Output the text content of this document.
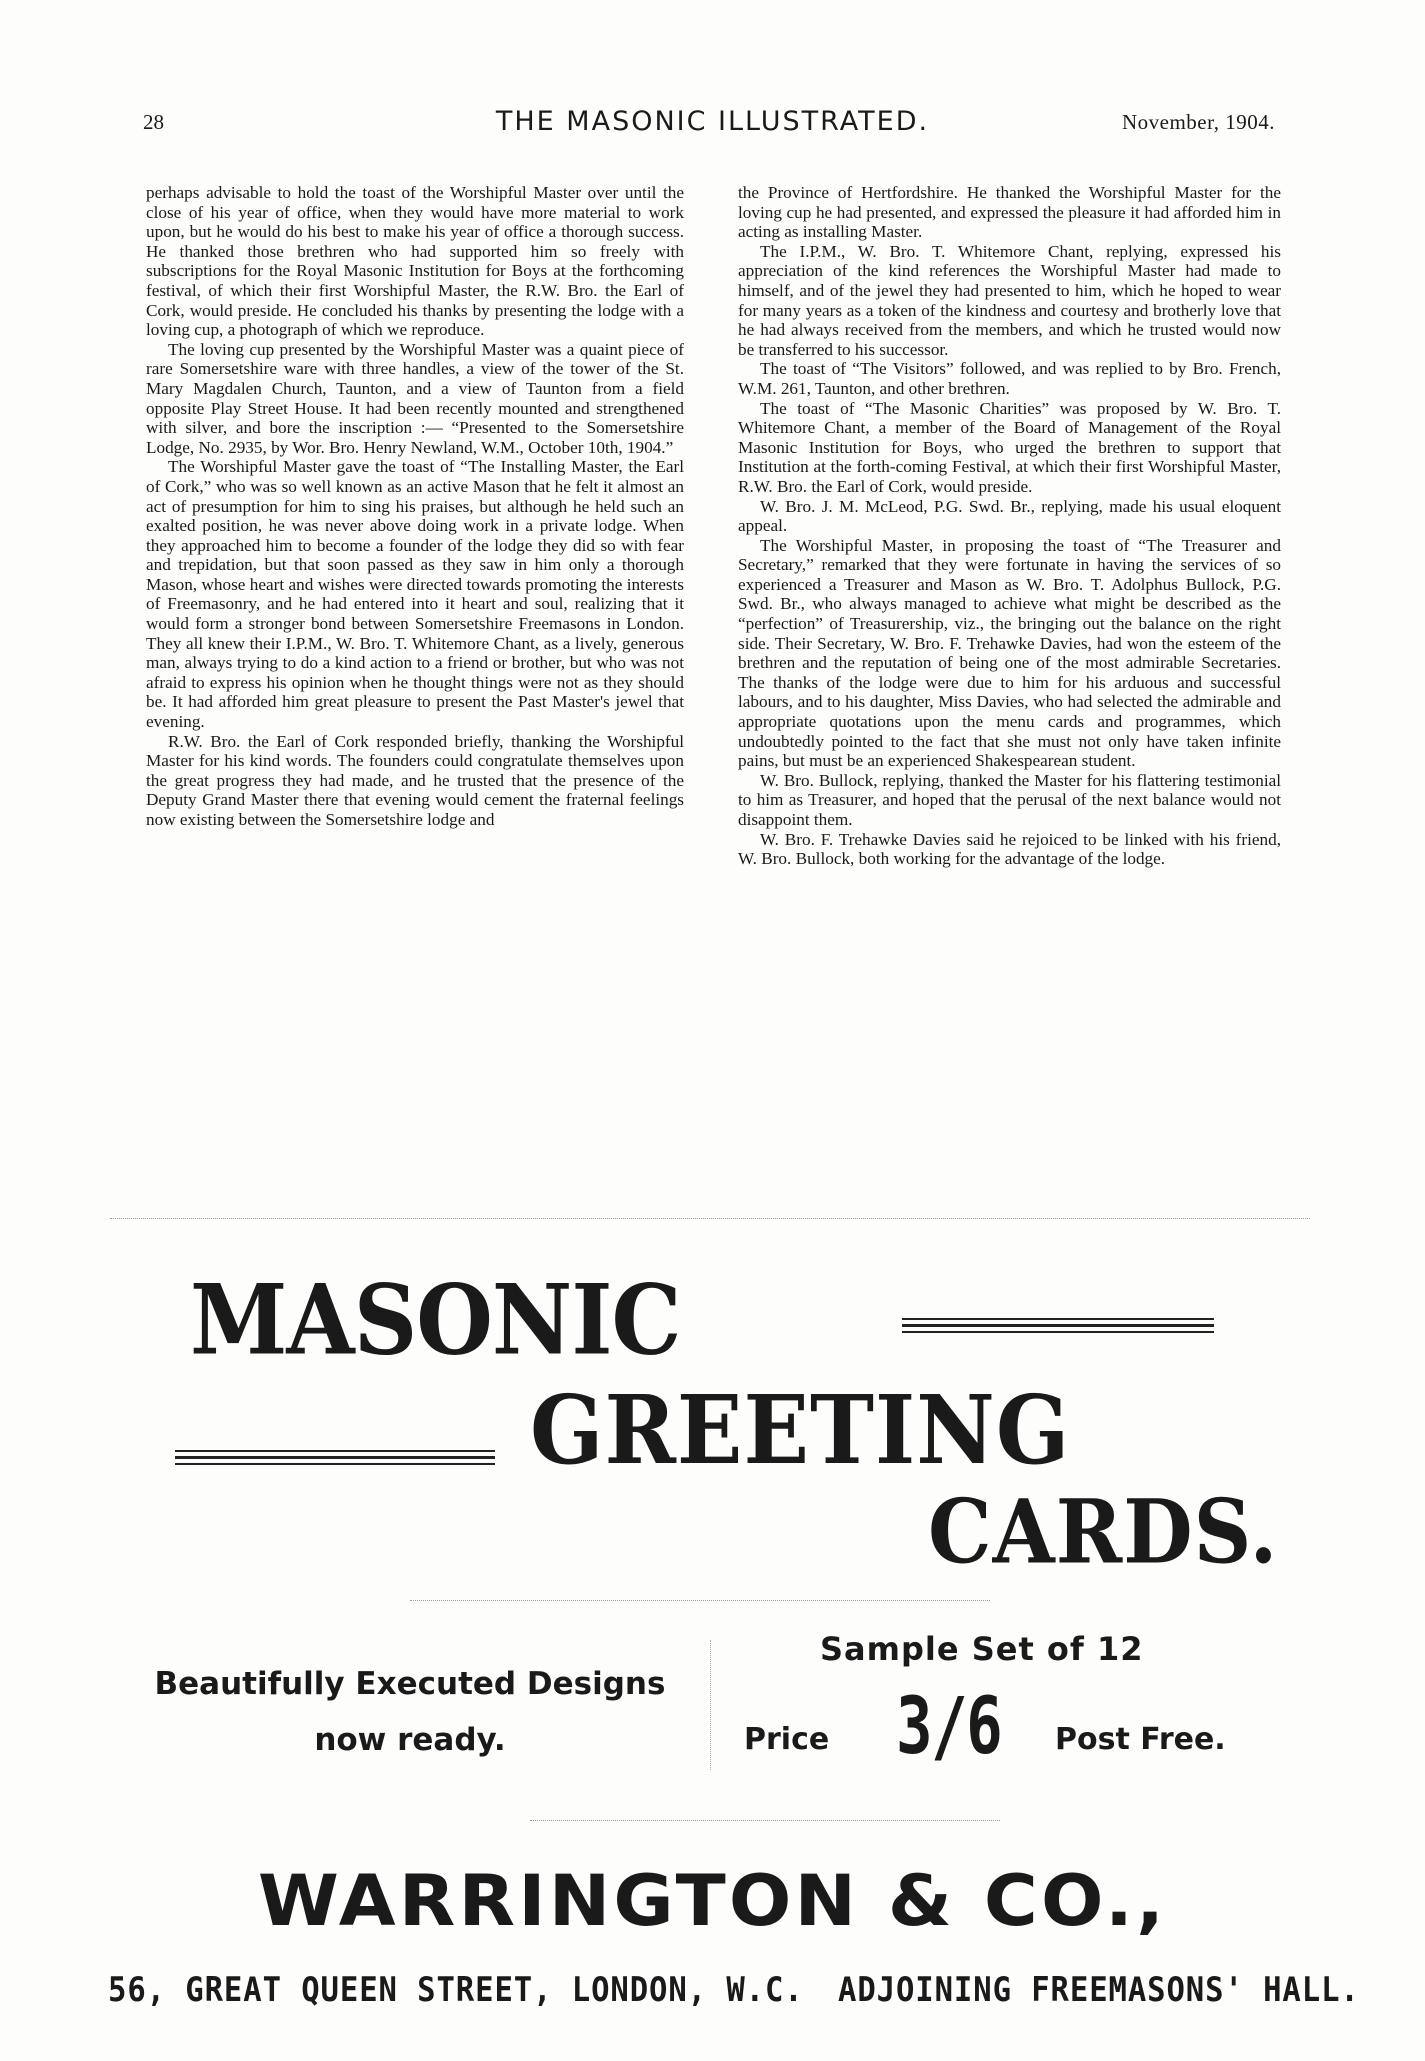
28	THE MASONIC ILLUSTRATED.	November, 1904.

perhaps advisable to hold the toast of the Worshipful Master over until the close of his year of office, when they would have more material to work upon, but he would do his best to make his year of office a thorough success. He thanked those brethren who had supported him so freely with subscriptions for the Royal Masonic Institution for Boys at the forthcoming festival, of which their first Worshipful Master, the R.W. Bro. the Earl of Cork, would preside. He concluded his thanks by presenting the lodge with a loving cup, a photograph of which we reproduce.

The loving cup presented by the Worshipful Master was a quaint piece of rare Somersetshire ware with three handles, a view of the tower of the St. Mary Magdalen Church, Taunton, and a view of Taunton from a field opposite Play Street House. It had been recently mounted and strengthened with silver, and bore the inscription :— “Presented to the Somersetshire Lodge, No. 2935, by Wor. Bro. Henry Newland, W.M., October 10th, 1904.”

The Worshipful Master gave the toast of “The Installing Master, the Earl of Cork,” who was so well known as an active Mason that he felt it almost an act of presumption for him to sing his praises, but although he held such an exalted position, he was never above doing work in a private lodge. When they approached him to become a founder of the lodge they did so with fear and trepidation, but that soon passed as they saw in him only a thorough Mason, whose heart and wishes were directed towards promoting the interests of Freemasonry, and he had entered into it heart and soul, realizing that it would form a stronger bond between Somersetshire Freemasons in London. They all knew their I.P.M., W. Bro. T. Whitemore Chant, as a lively, generous man, always trying to do a kind action to a friend or brother, but who was not afraid to express his opinion when he thought things were not as they should be. It had afforded him great pleasure to present the Past Master's jewel that evening.

R.W. Bro. the Earl of Cork responded briefly, thanking the Worshipful Master for his kind words. The founders could congratulate themselves upon the great progress they had made, and he trusted that the presence of the Deputy Grand Master there that evening would cement the fraternal feelings now existing between the Somersetshire lodge and

the Province of Hertfordshire. He thanked the Worshipful Master for the loving cup he had presented, and expressed the pleasure it had afforded him in acting as installing Master.

The I.P.M., W. Bro. T. Whitemore Chant, replying, expressed his appreciation of the kind references the Worshipful Master had made to himself, and of the jewel they had presented to him, which he hoped to wear for many years as a token of the kindness and courtesy and brotherly love that he had always received from the members, and which he trusted would now be transferred to his successor.

The toast of “The Visitors” followed, and was replied to by Bro. French, W.M. 261, Taunton, and other brethren.

The toast of “The Masonic Charities” was proposed by W. Bro. T. Whitemore Chant, a member of the Board of Management of the Royal Masonic Institution for Boys, who urged the brethren to support that Institution at the forth-coming Festival, at which their first Worshipful Master, R.W. Bro. the Earl of Cork, would preside.

W. Bro. J. M. McLeod, P.G. Swd. Br., replying, made his usual eloquent appeal.

The Worshipful Master, in proposing the toast of “The Treasurer and Secretary,” remarked that they were fortunate in having the services of so experienced a Treasurer and Mason as W. Bro. T. Adolphus Bullock, P.G. Swd. Br., who always managed to achieve what might be described as the “perfection” of Treasurership, viz., the bringing out the balance on the right side. Their Secretary, W. Bro. F. Trehawke Davies, had won the esteem of the brethren and the reputation of being one of the most admirable Secretaries. The thanks of the lodge were due to him for his arduous and successful labours, and to his daughter, Miss Davies, who had selected the admirable and appropriate quotations upon the menu cards and programmes, which undoubtedly pointed to the fact that she must not only have taken infinite pains, but must be an experienced Shakespearean student.

W. Bro. Bullock, replying, thanked the Master for his flattering testimonial to him as Treasurer, and hoped that the perusal of the next balance would not disappoint them.

W. Bro. F. Trehawke Davies said he rejoiced to be linked with his friend, W. Bro. Bullock, both working for the advantage of the lodge.

MASONIC
GREETING
CARDS.
Beautifully Executed Designs
now ready.
Sample Set of 12
Price 3/6 Post Free.
WARRINGTON & CO.,
56, GREAT QUEEN STREET, LONDON, W.C. ADJOINING FREEMASONS' HALL.
